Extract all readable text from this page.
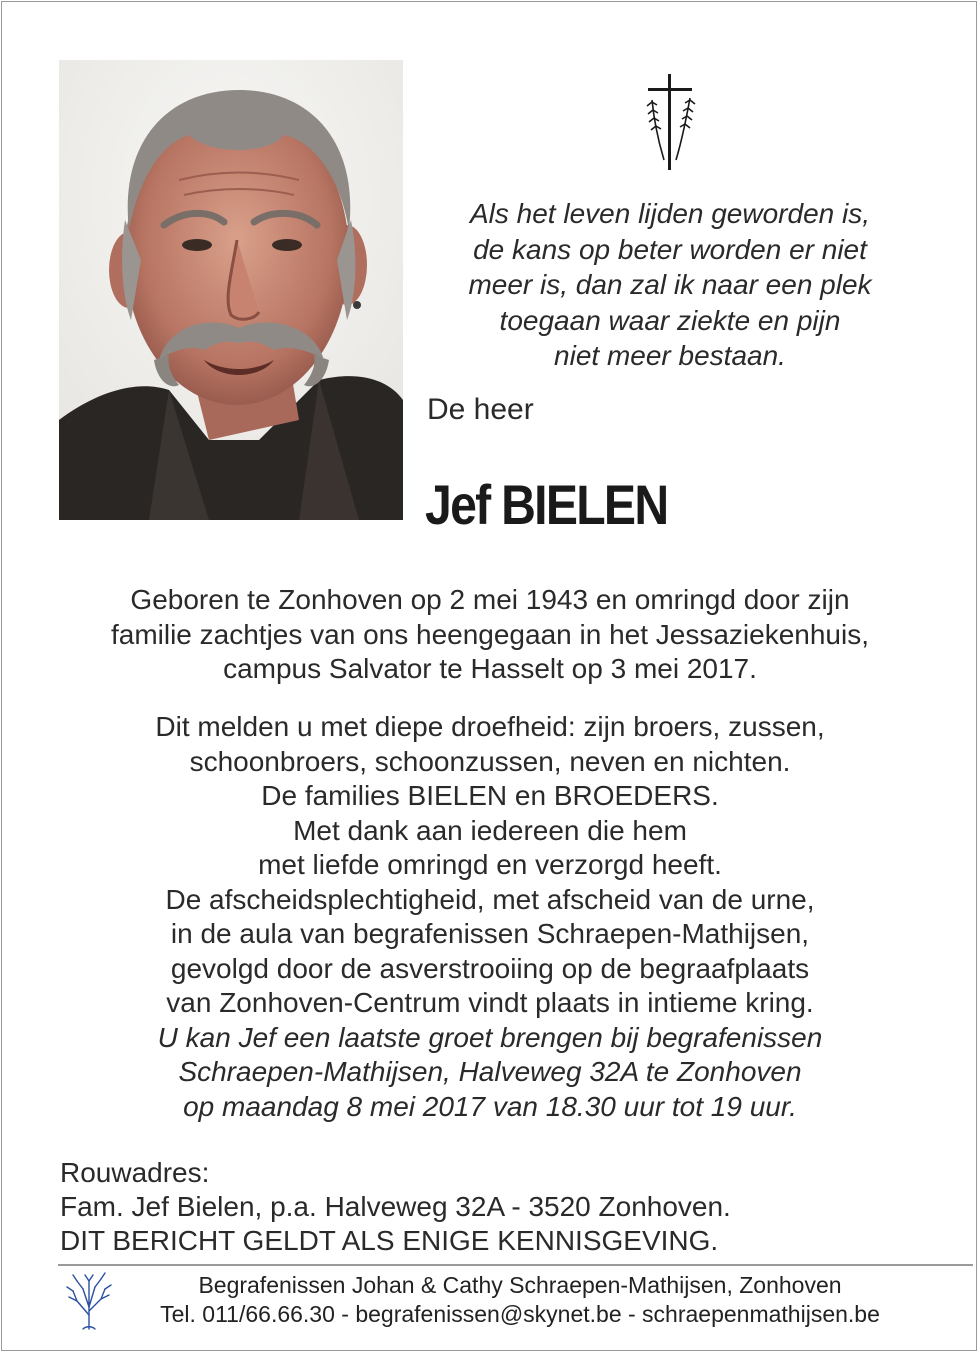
Als het leven lijden geworden is,
de kans op beter worden er niet
meer is, dan zal ik naar een plek
toegaan waar ziekte en pijn
niet meer bestaan.
De heer
Jef BIELEN
Geboren te Zonhoven op 2 mei 1943 en omringd door zijn
familie zachtjes van ons heengegaan in het Jessaziekenhuis,
campus Salvator te Hasselt op 3 mei 2017.
Dit melden u met diepe droefheid: zijn broers, zussen,
schoonbroers, schoonzussen, neven en nichten.
De families BIELEN en BROEDERS.
Met dank aan iedereen die hem
met liefde omringd en verzorgd heeft.
De afscheidsplechtigheid, met afscheid van de urne,
in de aula van begrafenissen Schraepen-Mathijsen,
gevolgd door de asverstrooiing op de begraafplaats
van Zonhoven-Centrum vindt plaats in intieme kring.
U kan Jef een laatste groet brengen bij begrafenissen
Schraepen-Mathijsen, Halveweg 32A te Zonhoven
op maandag 8 mei 2017 van 18.30 uur tot 19 uur.
Rouwadres:
Fam. Jef Bielen, p.a. Halveweg 32A - 3520 Zonhoven.
DIT BERICHT GELDT ALS ENIGE KENNISGEVING.
Begrafenissen Johan & Cathy Schraepen-Mathijsen, Zonhoven
Tel. 011/66.66.30 - begrafenissen@skynet.be - schraepenmathijsen.be
